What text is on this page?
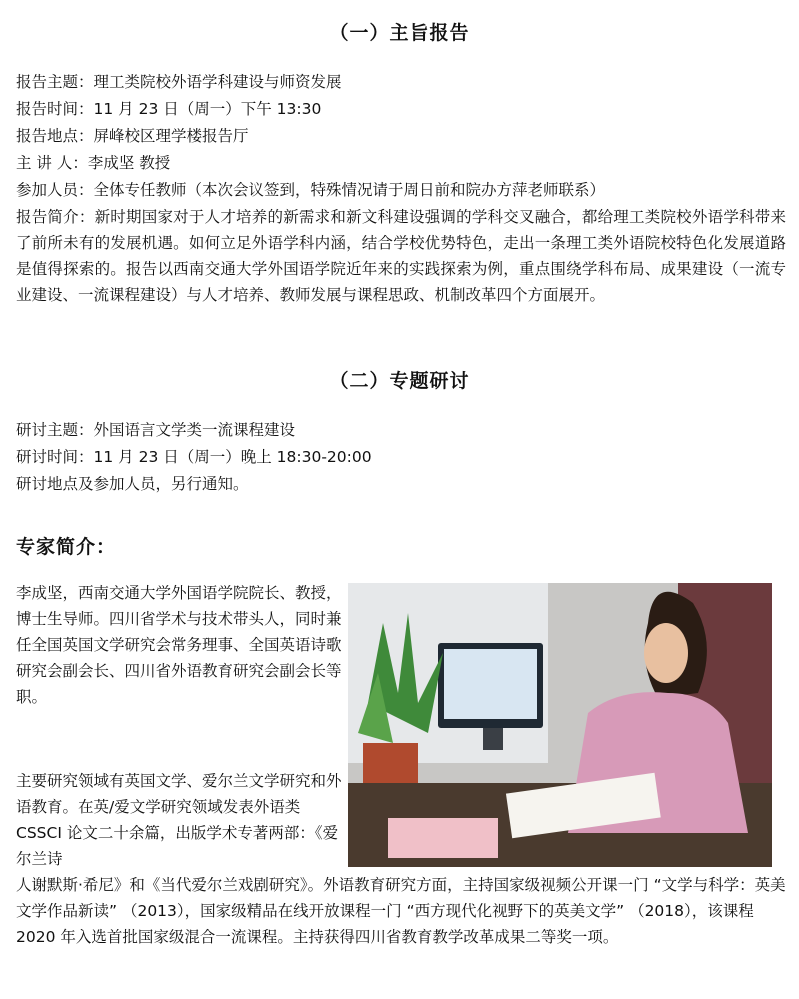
（一）主旨报告
报告主题：理工类院校外语学科建设与师资发展
报告时间：11 月 23 日（周一）下午 13:30
报告地点：屏峰校区理学楼报告厅
主 讲 人：李成坚 教授
参加人员：全体专任教师（本次会议签到，特殊情况请于周日前和院办方萍老师联系）
报告简介：新时期国家对于人才培养的新需求和新文科建设强调的学科交叉融合，都给理工类院校外语学科带来了前所未有的发展机遇。如何立足外语学科内涵，结合学校优势特色，走出一条理工类外语院校特色化发展道路是值得探索的。报告以西南交通大学外国语学院近年来的实践探索为例，重点围绕学科布局、成果建设（一流专业建设、一流课程建设）与人才培养、教师发展与课程思政、机制改革四个方面展开。
（二）专题研讨
研讨主题：外国语言文学类一流课程建设
研讨时间：11 月 23 日（周一）晚上 18:30-20:00
研讨地点及参加人员，另行通知。
专家简介：
李成坚，西南交通大学外国语学院院长、教授，博士生导师。四川省学术与技术带头人，同时兼任全国英国文学研究会常务理事、全国英语诗歌研究会副会长、四川省外语教育研究会副会长等职。
主要研究领域有英国文学、爱尔兰文学研究和外语教育。在英/爱文学研究领域发表外语类 CSSCI 论文二十余篇，出版学术专著两部：《爱尔兰诗
人谢默斯·希尼》和《当代爱尔兰戏剧研究》。外语教育研究方面，主持国家级视频公开课一门 “文学与科学：英美文学作品新读” （2013），国家级精品在线开放课程一门 “西方现代化视野下的英美文学” （2018），该课程 2020 年入选首批国家级混合一流课程。主持获得四川省教育教学改革成果二等奖一项。
